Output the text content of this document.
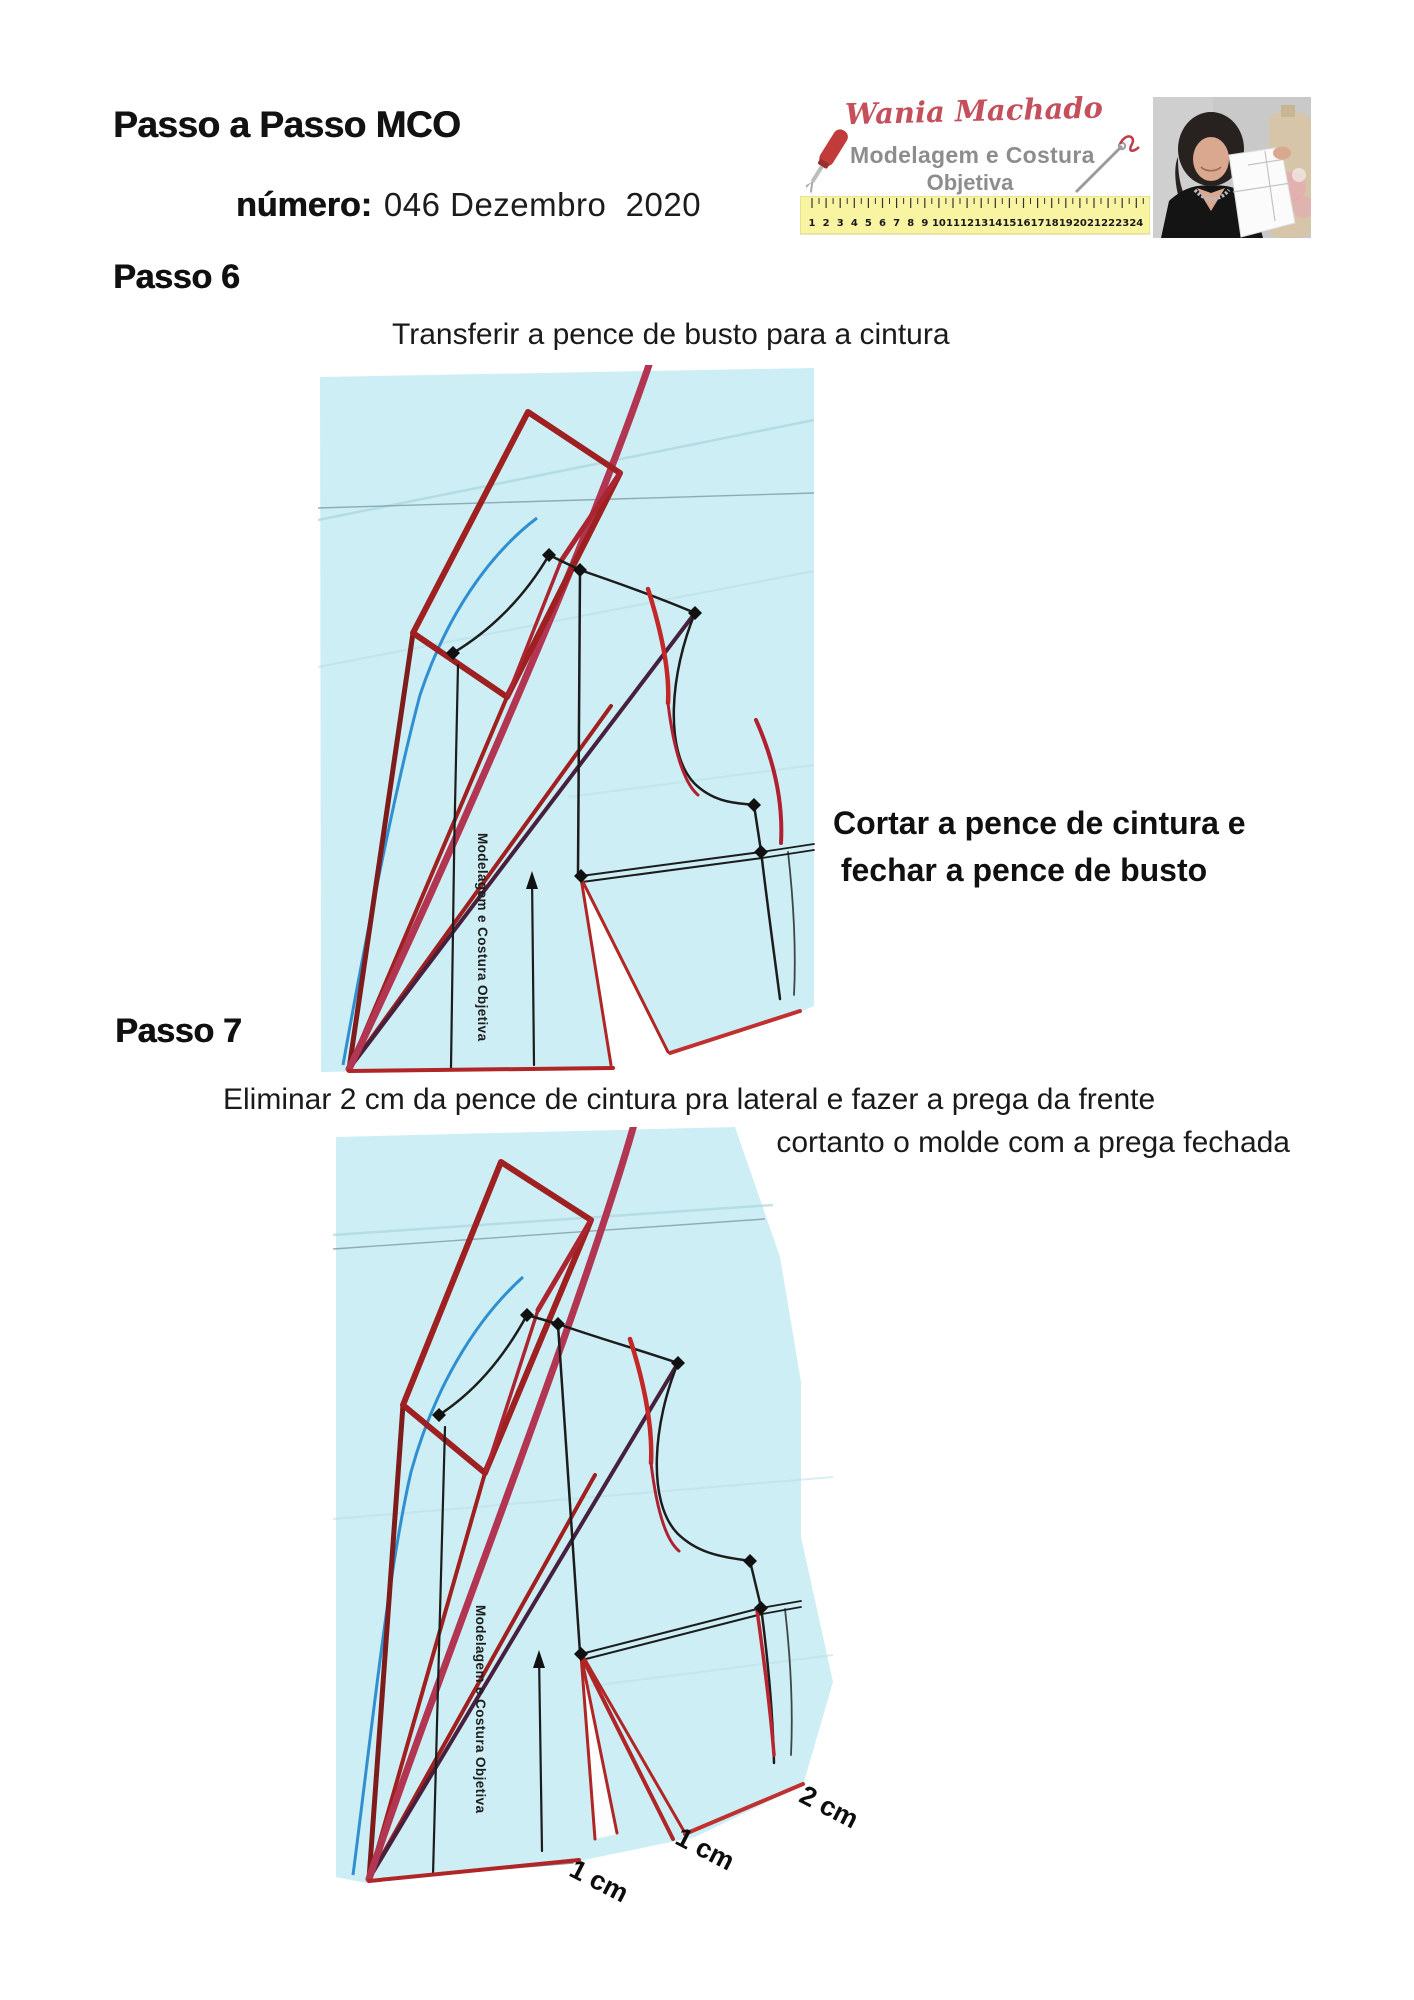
Passo a Passo MCO

número: 046 Dezembro  2020

Wania Machado
Modelagem e Costura
Objetiva
1 2 3 4 5 6 7 8 9 10 11 12 13 14 15 16 17 18 19 20 21 22 23 24
Passo 6
Transferir a pence de busto para a cintura
Modelagem e Costura Objetiva
Cortar a pence de cintura e
fechar a pence de busto
Passo 7
Eliminar 2 cm da pence de cintura pra lateral e fazer a prega da frente
cortanto o molde com a prega fechada
Modelagem e Costura Objetiva	2 cm
1 cm
1 cm
